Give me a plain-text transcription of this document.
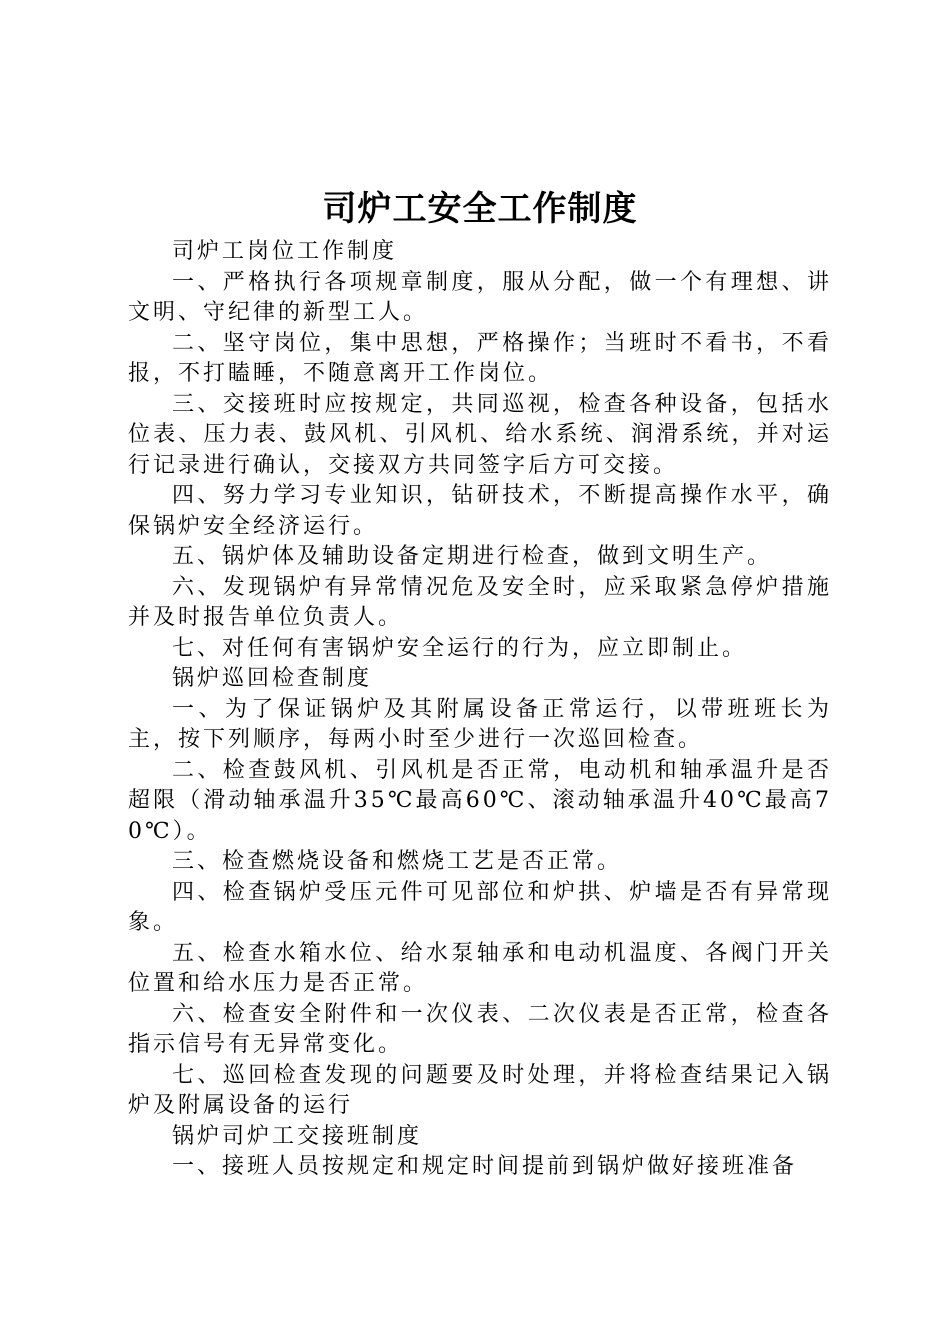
司炉工安全工作制度

司炉工岗位工作制度

一、严格执行各项规章制度，服从分配，做一个有理想、讲文明、守纪律的新型工人。

二、坚守岗位，集中思想，严格操作；当班时不看书，不看报，不打瞌睡，不随意离开工作岗位。

三、交接班时应按规定，共同巡视，检查各种设备，包括水位表、压力表、鼓风机、引风机、给水系统、润滑系统，并对运行记录进行确认，交接双方共同签字后方可交接。

四、努力学习专业知识，钻研技术，不断提高操作水平，确保锅炉安全经济运行。

五、锅炉体及辅助设备定期进行检查，做到文明生产。

六、发现锅炉有异常情况危及安全时，应采取紧急停炉措施并及时报告单位负责人。

七、对任何有害锅炉安全运行的行为，应立即制止。

锅炉巡回检查制度

一、为了保证锅炉及其附属设备正常运行，以带班班长为主，按下列顺序，每两小时至少进行一次巡回检查。

二、检查鼓风机、引风机是否正常，电动机和轴承温升是否超限（滑动轴承温升35℃最高60℃、滚动轴承温升40℃最高70℃）。

三、检查燃烧设备和燃烧工艺是否正常。

四、检查锅炉受压元件可见部位和炉拱、炉墙是否有异常现象。

五、检查水箱水位、给水泵轴承和电动机温度、各阀门开关位置和给水压力是否正常。

六、检查安全附件和一次仪表、二次仪表是否正常，检查各指示信号有无异常变化。

七、巡回检查发现的问题要及时处理，并将检查结果记入锅炉及附属设备的运行

锅炉司炉工交接班制度

一、接班人员按规定和规定时间提前到锅炉做好接班准备
